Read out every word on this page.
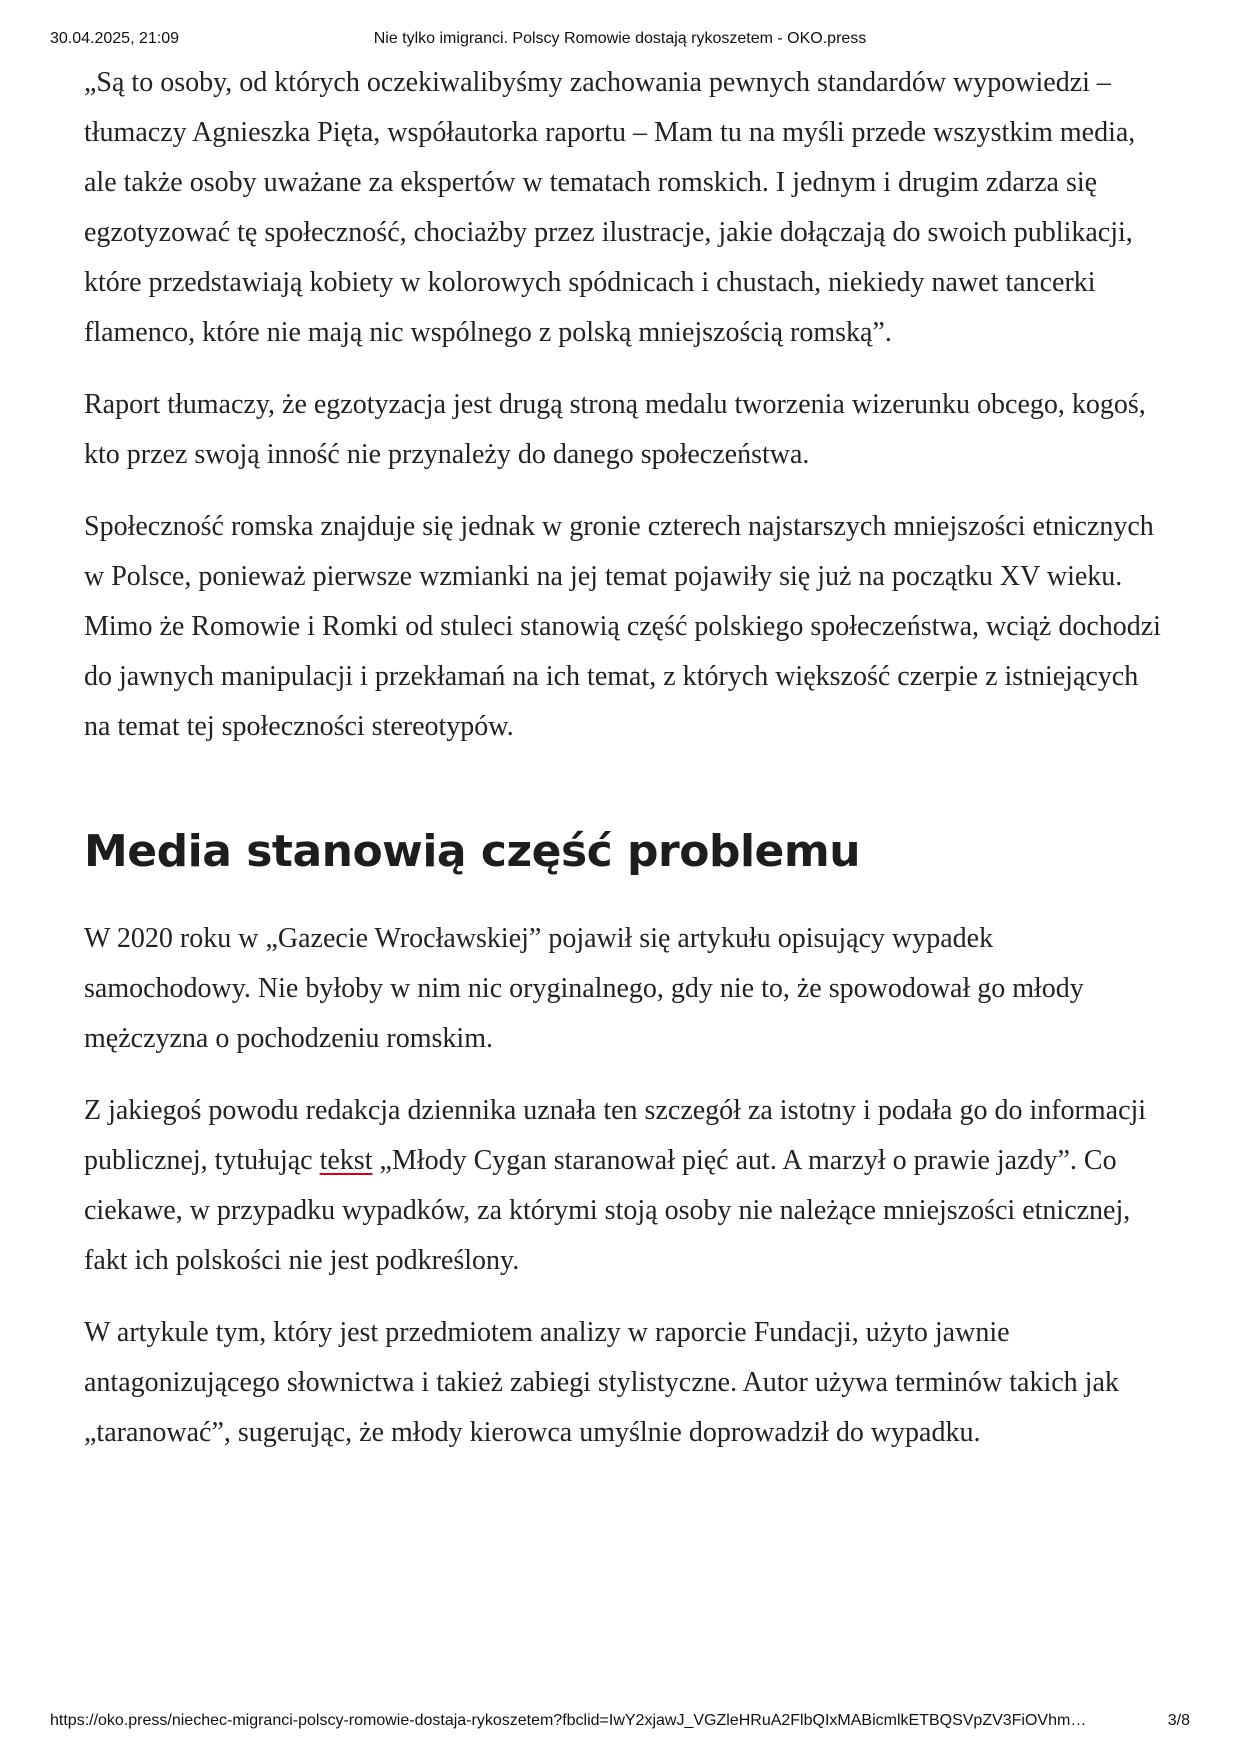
30.04.2025, 21:09	Nie tylko imigranci. Polscy Romowie dostają rykoszetem - OKO.press

„Są to osoby, od których oczekiwalibyśmy zachowania pewnych standardów wypowiedzi – tłumaczy Agnieszka Pięta, współautorka raportu – Mam tu na myśli przede wszystkim media, ale także osoby uważane za ekspertów w tematach romskich. I jednym i drugim zdarza się egzotyzować tę społeczność, chociażby przez ilustracje, jakie dołączają do swoich publikacji, które przedstawiają kobiety w kolorowych spódnicach i chustach, niekiedy nawet tancerki flamenco, które nie mają nic wspólnego z polską mniejszością romską”.

Raport tłumaczy, że egzotyzacja jest drugą stroną medalu tworzenia wizerunku obcego, kogoś, kto przez swoją inność nie przynależy do danego społeczeństwa.

Społeczność romska znajduje się jednak w gronie czterech najstarszych mniejszości etnicznych w Polsce, ponieważ pierwsze wzmianki na jej temat pojawiły się już na początku XV wieku. Mimo że Romowie i Romki od stuleci stanowią część polskiego społeczeństwa, wciąż dochodzi do jawnych manipulacji i przekłamań na ich temat, z których większość czerpie z istniejących na temat tej społeczności stereotypów.

Media stanowią część problemu

W 2020 roku w „Gazecie Wrocławskiej” pojawił się artykułu opisujący wypadek samochodowy. Nie byłoby w nim nic oryginalnego, gdy nie to, że spowodował go młody mężczyzna o pochodzeniu romskim.

Z jakiegoś powodu redakcja dziennika uznała ten szczegół za istotny i podała go do informacji publicznej, tytułując tekst „Młody Cygan staranował pięć aut. A marzył o prawie jazdy”. Co ciekawe, w przypadku wypadków, za którymi stoją osoby nie należące mniejszości etnicznej, fakt ich polskości nie jest podkreślony.

W artykule tym, który jest przedmiotem analizy w raporcie Fundacji, użyto jawnie antagonizującego słownictwa i takież zabiegi stylistyczne. Autor używa terminów takich jak „taranować”, sugerując, że młody kierowca umyślnie doprowadził do wypadku.

https://oko.press/niechec-migranci-polscy-romowie-dostaja-rykoszetem?fbclid=IwY2xjawJ_VGZleHRuA2FlbQIxMABicmlkETBQSVpZV3FiOVhm…	3/8
